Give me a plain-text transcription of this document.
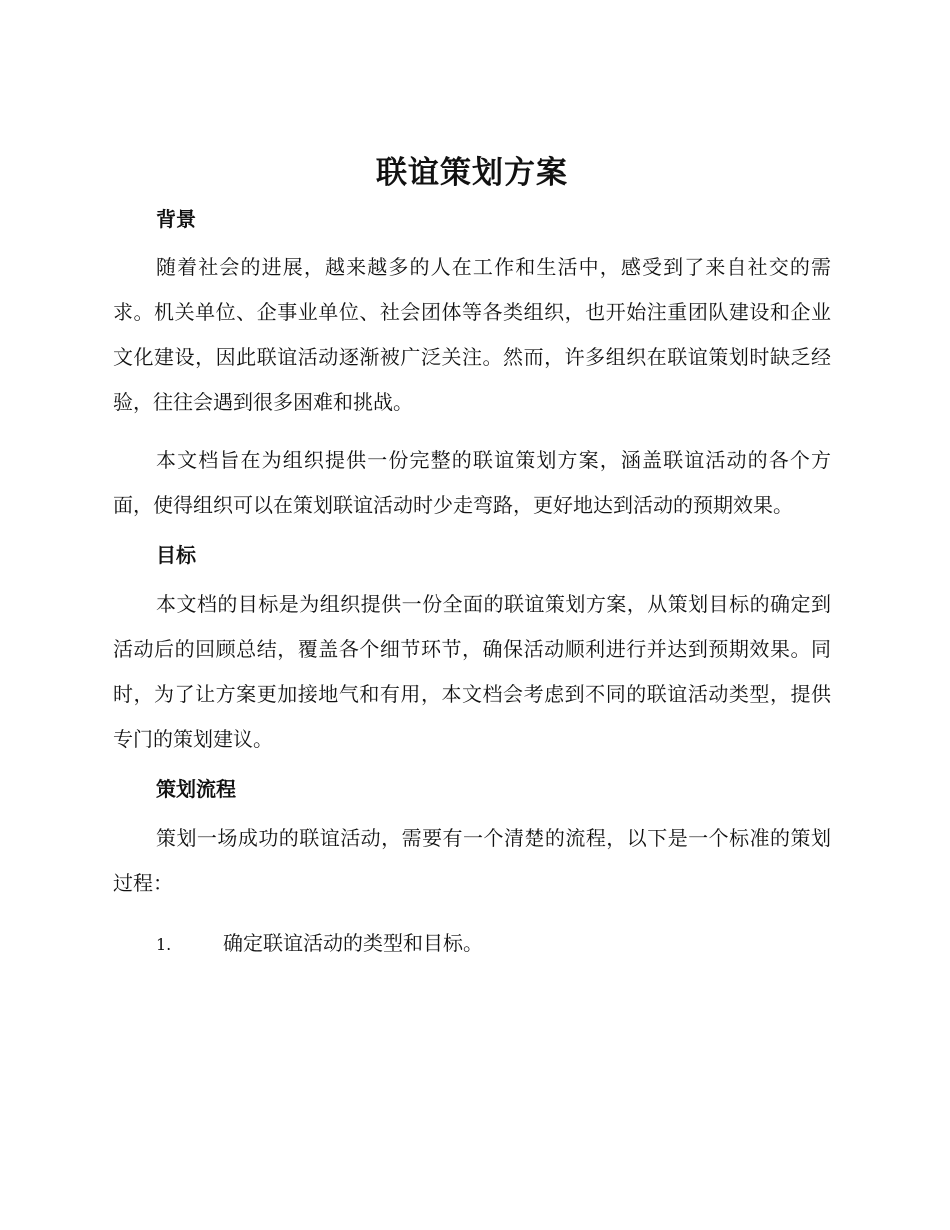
联谊策划方案
背景

随着社会的进展，越来越多的人在工作和生活中，感受到了来自社交的需求。机关单位、企事业单位、社会团体等各类组织，也开始注重团队建设和企业文化建设，因此联谊活动逐渐被广泛关注。然而，许多组织在联谊策划时缺乏经验，往往会遇到很多困难和挑战。

本文档旨在为组织提供一份完整的联谊策划方案，涵盖联谊活动的各个方面，使得组织可以在策划联谊活动时少走弯路，更好地达到活动的预期效果。

目标

本文档的目标是为组织提供一份全面的联谊策划方案，从策划目标的确定到活动后的回顾总结，覆盖各个细节环节，确保活动顺利进行并达到预期效果。同时，为了让方案更加接地气和有用，本文档会考虑到不同的联谊活动类型，提供专门的策划建议。

策划流程

策划一场成功的联谊活动，需要有一个清楚的流程，以下是一个标准的策划过程：

1.	确定联谊活动的类型和目标。
